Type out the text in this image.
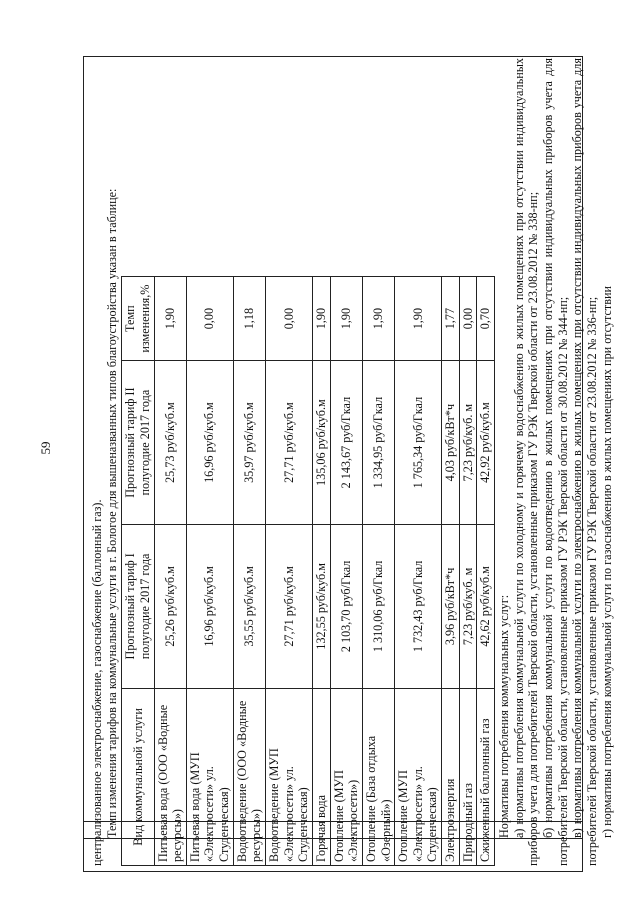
59

централизованное электроснабжение, газоснабжение (баллонный газ). Темп изменения тарифов на коммунальные услуги в г. Бологое для вышеназванных типов благоустройства указан в таблице: Вид коммунальной услуги	Прогнозный тариф I полугодие 2017 года	Прогнозный тариф II полугодие 2017 года	Темп изменения,%
Питьевая вода (ООО «Водные ресурсы»)	25,26 руб/куб.м	25,73 руб/куб.м	1,90
Питьевая вода (МУП «Электросети» ул. Студенческая)	16,96 руб/куб.м	16,96 руб/куб.м	0,00
Водоотведение (ООО «Водные ресурсы»)	35,55 руб/куб.м	35,97 руб/куб.м	1,18
Водоотведение (МУП «Электросети» ул. Студенческая)	27,71 руб/куб.м	27,71 руб/куб.м	0,00
Горячая вода	132,55 руб/куб.м	135,06 руб/куб.м	1,90
Отопление (МУП «Электросети»)	2 103,70 руб/Гкал	2 143,67 руб/Гкал	1,90
Отопление (База отдыха «Озерный»)	1 310,06 руб/Гкал	1 334,95 руб/Гкал	1,90
Отопление (МУП «Электросети» ул. Студенческая)	1 732,43 руб/Гкал	1 765,34 руб/Гкал	1,90
Электроэнергия	3,96 руб/кВт*ч	4,03 руб/кВт*ч	1,77
Природный газ	7,23 руб/куб. м	7,23 руб/куб. м	0,00
Сжиженный баллонный газ	42,62 руб/куб.м	42,92 руб/куб.м	0,70

Нормативы потребления коммунальных услуг: а) нормативы потребления коммунальной услуги по холодному и горячему водоснабжению в жилых помещениях при отсутствии индивидуальных приборов учета для потребителей Тверской области, установленные приказом ГУ РЭК Тверской области от 23.08.2012 № 338-нп; б) нормативы потребления коммунальной услуги по водоотведению в жилых помещениях при отсутствии индивидуальных приборов учета для потребителей Тверской области, установленные приказом ГУ РЭК Тверской области от 30.08.2012 № 344-нп; в) нормативы потребления коммунальной услуги по электроснабжению в жилых помещениях при отсутствии индивидуальных приборов учета для потребителей Тверской области, установленные приказом ГУ РЭК Тверской области от 23.08.2012 № 336-нп; г) нормативы потребления коммунальной услуги по газоснабжению в жилых помещениях при отсутствии
